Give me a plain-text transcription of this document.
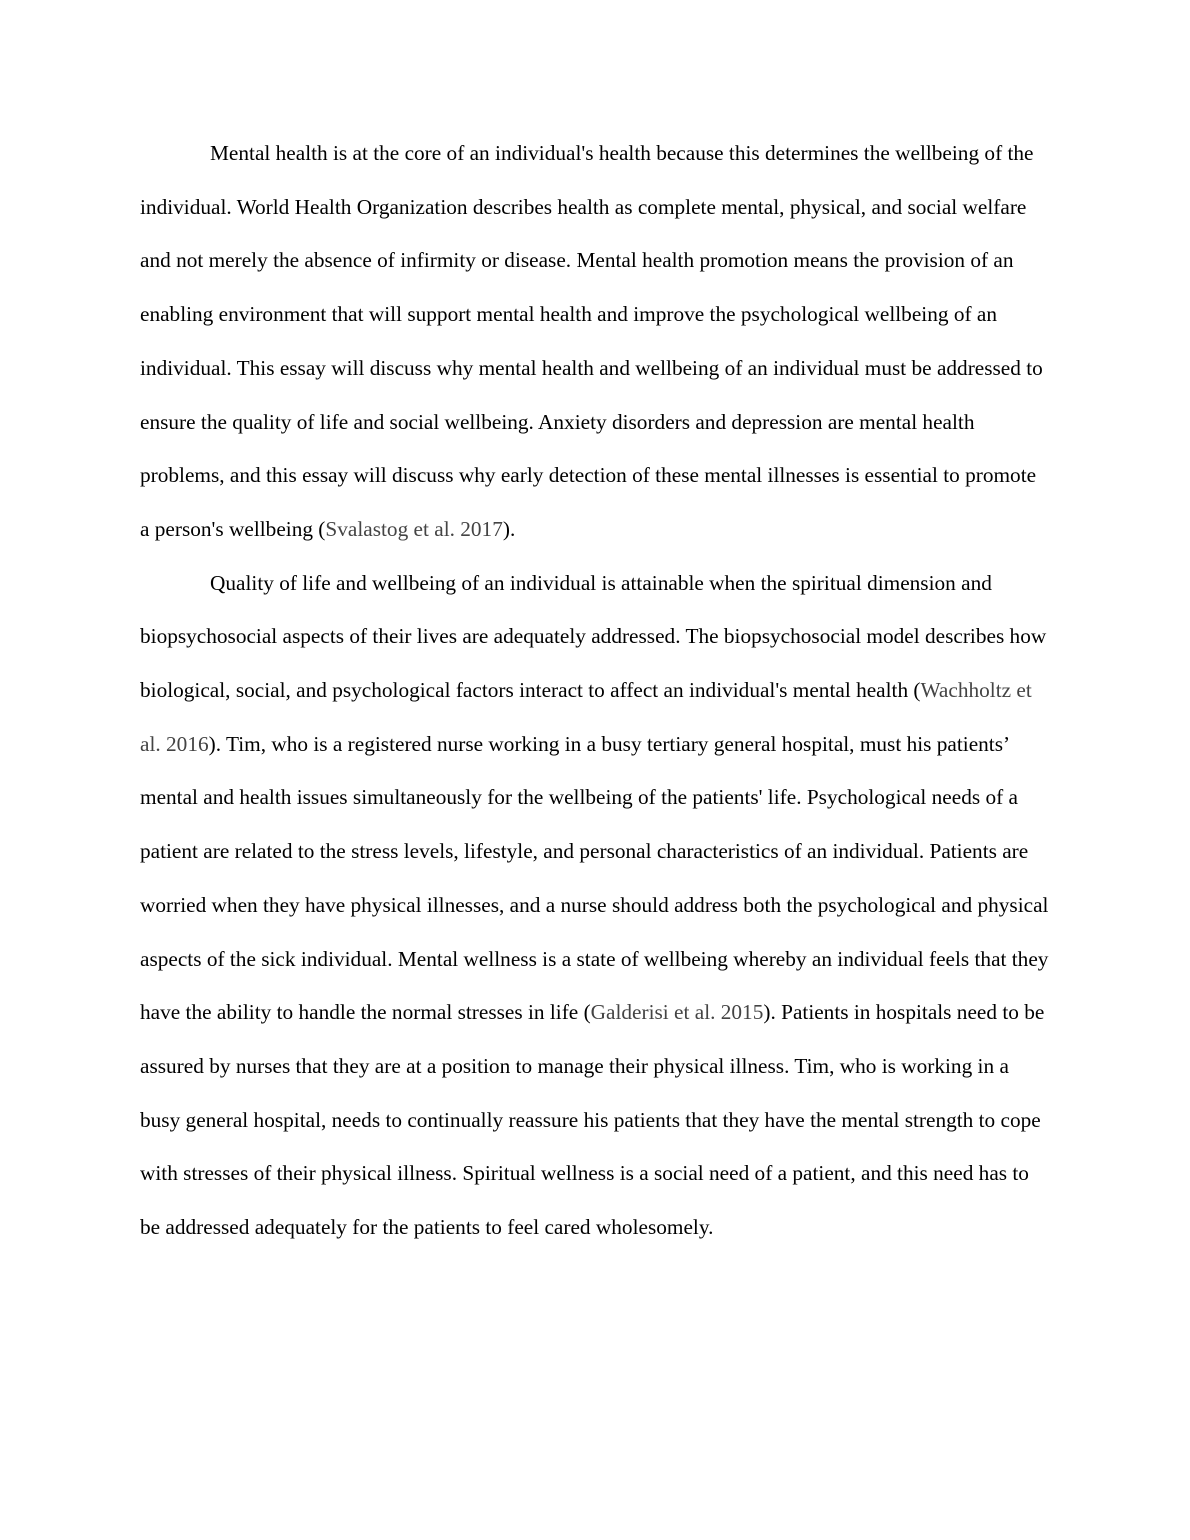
Mental health is at the core of an individual's health because this determines the wellbeing of the individual. World Health Organization describes health as complete mental, physical, and social welfare and not merely the absence of infirmity or disease. Mental health promotion means the provision of an enabling environment that will support mental health and improve the psychological wellbeing of an individual. This essay will discuss why mental health and wellbeing of an individual must be addressed to ensure the quality of life and social wellbeing. Anxiety disorders and depression are mental health problems, and this essay will discuss why early detection of these mental illnesses is essential to promote a person's wellbeing (Svalastog et al. 2017).

Quality of life and wellbeing of an individual is attainable when the spiritual dimension and biopsychosocial aspects of their lives are adequately addressed. The biopsychosocial model describes how biological, social, and psychological factors interact to affect an individual's mental health (Wachholtz et al. 2016). Tim, who is a registered nurse working in a busy tertiary general hospital, must his patients’ mental and health issues simultaneously for the wellbeing of the patients' life. Psychological needs of a patient are related to the stress levels, lifestyle, and personal characteristics of an individual. Patients are worried when they have physical illnesses, and a nurse should address both the psychological and physical aspects of the sick individual. Mental wellness is a state of wellbeing whereby an individual feels that they have the ability to handle the normal stresses in life (Galderisi et al. 2015). Patients in hospitals need to be assured by nurses that they are at a position to manage their physical illness. Tim, who is working in a busy general hospital, needs to continually reassure his patients that they have the mental strength to cope with stresses of their physical illness. Spiritual wellness is a social need of a patient, and this need has to be addressed adequately for the patients to feel cared wholesomely.
